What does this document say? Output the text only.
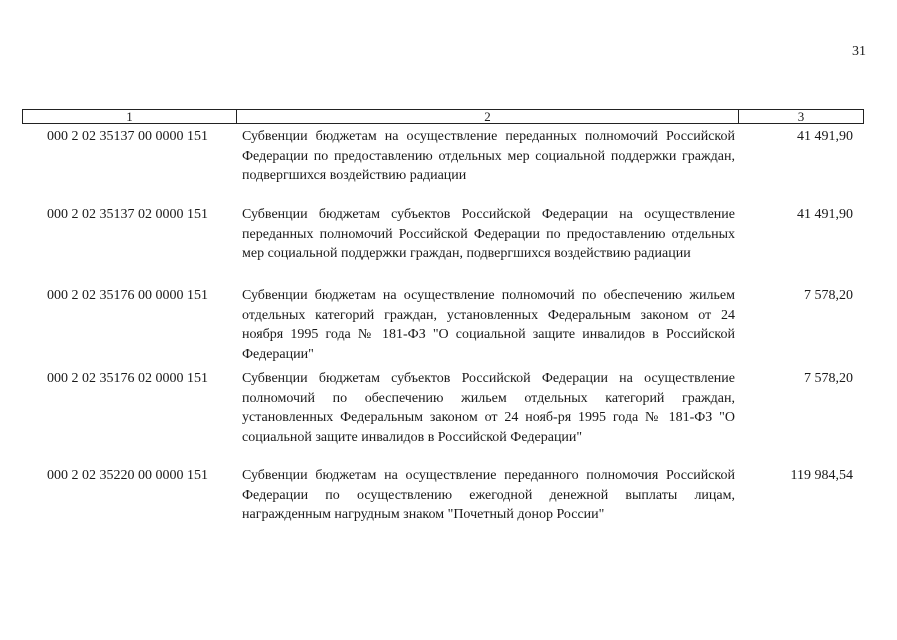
31
1	2	3
000 2 02 35137 00 0000 151 Субвенции бюджетам на осуществление переданных полномочий Российской Федерации по предоставлению отдельных мер социальной поддержки граждан, подвергшихся воздействию радиации
41 491,90
000 2 02 35137 02 0000 151 Субвенции бюджетам субъектов Российской Федерации на осуществление переданных полномочий Российской Федерации по предоставлению отдельных мер социальной поддержки граждан, подвергшихся воздействию радиации
41 491,90
000 2 02 35176 00 0000 151 Субвенции бюджетам на осуществление полномочий по обеспечению жильем отдельных категорий граждан, установленных Федеральным законом от 24 ноября 1995 года № 181-ФЗ "О социальной защите инвалидов в Российской Федерации"
7 578,20
000 2 02 35176 02 0000 151 Субвенции бюджетам субъектов Российской Федерации на осуществление полномочий по обеспечению жильем отдельных категорий граждан, установленных Федеральным законом от 24 нояб-ря 1995 года № 181-ФЗ "О социальной защите инвалидов в Российской Федерации"
7 578,20
000 2 02 35220 00 0000 151 Субвенции бюджетам на осуществление переданного полномочия Российской Федерации по осуществлению ежегодной денежной выплаты лицам, награжденным нагрудным знаком "Почетный донор России"
119 984,54
